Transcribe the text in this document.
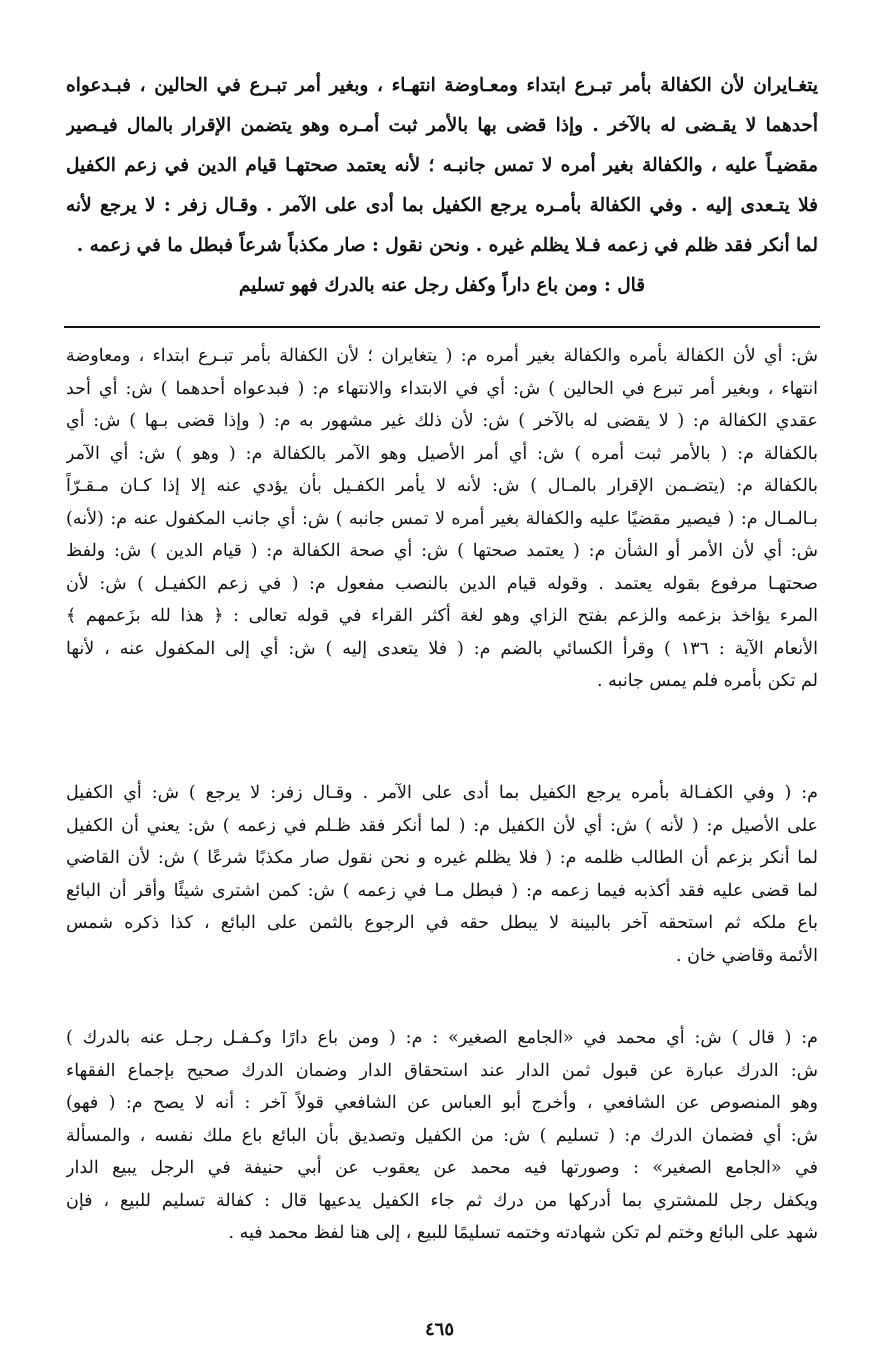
يتغـايران لأن الكفالة بأمر تبـرع ابتداء ومعـاوضة انتهـاء ، وبغير أمر تبـرع في الحالين ، فبـدعواه
أحدهما لا يقـضى له بالآخر . وإذا قضى بها بالأمر ثبت أمـره وهو يتضمن الإقرار بالمال فيـصير
مقضيـاً عليه ، والكفالة بغير أمره لا تمس جانبـه ؛ لأنه يعتمد صحتهـا قيام الدين في زعم الكفيل
فلا يتـعدى إليه . وفي الكفالة بأمـره يرجع الكفيل بما أدى على الآمر . وقـال زفر : لا يرجع لأنه
لما أنكر فقد ظلم في زعمه فـلا يظلم غيره . ونحن نقول : صار مكذباً شرعاً فبطل ما في زعمه .
قال : ومن باع داراً وكفل رجل عنه بالدرك فهو تسليم
ش: أي لأن الكفالة بأمره والكفالة بغير أمره م: ( يتغايران ؛ لأن الكفالة بأمر تبـرع ابتداء ، ومعاوضة
انتهاء ، وبغير أمر تبرع في الحالين ) ش: أي في الابتداء والانتهاء م: ( فبدعواه أحدهما ) ش: أي أحد
عقدي الكفالة م: ( لا يقضى له بالآخر ) ش: لأن ذلك غير مشهور به م: ( وإذا قضى بـها ) ش: أي
بالكفالة م: ( بالأمر ثبت أمره ) ش: أي أمر الأصيل وهو الآمر بالكفالة م: ( وهو ) ش: أي الآمر
بالكفالة م: (يتضـمن الإقرار بالمـال ) ش: لأنه لا يأمر الكفـيل بأن يؤدي عنه إلا إذا كـان مـقـرّاً
بـالمـال م: ( فيصير مقضيًا عليه والكفالة بغير أمره لا تمس جانبه ) ش: أي جانب المكفول عنه م: (لأنه)
ش: أي لأن الأمر أو الشأن م: ( يعتمد صحتها ) ش: أي صحة الكفالة م: ( قيام الدين ) ش: ولفظ
صحتهـا مرفوع بقوله يعتمد . وقوله قيام الدين بالنصب مفعول م: ( في زعم الكفيـل ) ش: لأن
المرء يؤاخذ بزعمه والزعم بفتح الزاي وهو لغة أكثر القراء في قوله تعالى : ﴿ هذا لله بزَعمهم ﴾
الأنعام الآية : ١٣٦ ) وقرأ الكسائي بالضم م: ( فلا يتعدى إليه ) ش: أي إلى المكفول عنه ، لأنها
لم تكن بأمره فلم يمس جانبه .
م: ( وفي الكفـالة بأمره يرجع الكفيل بما أدى على الآمر . وقـال زفر: لا يرجع ) ش: أي الكفيل
على الأصيل م: ( لأنه ) ش: أي لأن الكفيل م: ( لما أنكر فقد ظـلم في زعمه ) ش: يعني أن الكفيل
لما أنكر بزعم أن الطالب ظلمه م: ( فلا يظلم غيره و نحن نقول صار مكذبًا شرعًا ) ش: لأن القاضي
لما قضى عليه فقد أكذبه فيما زعمه م: ( فبطل مـا في زعمه ) ش: كمن اشترى شيئًا وأقر أن البائع
باع ملكه ثم استحقه آخر بالبينة لا يبطل حقه في الرجوع بالثمن على البائع ، كذا ذكره شمس
الأئمة وقاضي خان .
م: ( قال ) ش: أي محمد في «الجامع الصغير» : م: ( ومن باع دارًا وكـفـل رجـل عنه بالدرك )
ش: الدرك عبارة عن قبول ثمن الدار عند استحقاق الدار وضمان الدرك صحيح بإجماع الفقهاء
وهو المنصوص عن الشافعي ، وأخرج أبو العباس عن الشافعي قولاً آخر : أنه لا يصح م: ( فهو)
ش: أي فضمان الدرك م: ( تسليم ) ش: من الكفيل وتصديق بأن البائع باع ملك نفسه ، والمسألة
في «الجامع الصغير» : وصورتها فيه محمد عن يعقوب عن أبي حنيفة في الرجل يبيع الدار
ويكفل رجل للمشتري بما أدركها من درك ثم جاء الكفيل يدعيها قال : كفالة تسليم للبيع ، فإن
شهد على البائع وختم لم تكن شهادته وختمه تسليمًا للبيع ، إلى هنا لفظ محمد فيه .
٤٦٥
